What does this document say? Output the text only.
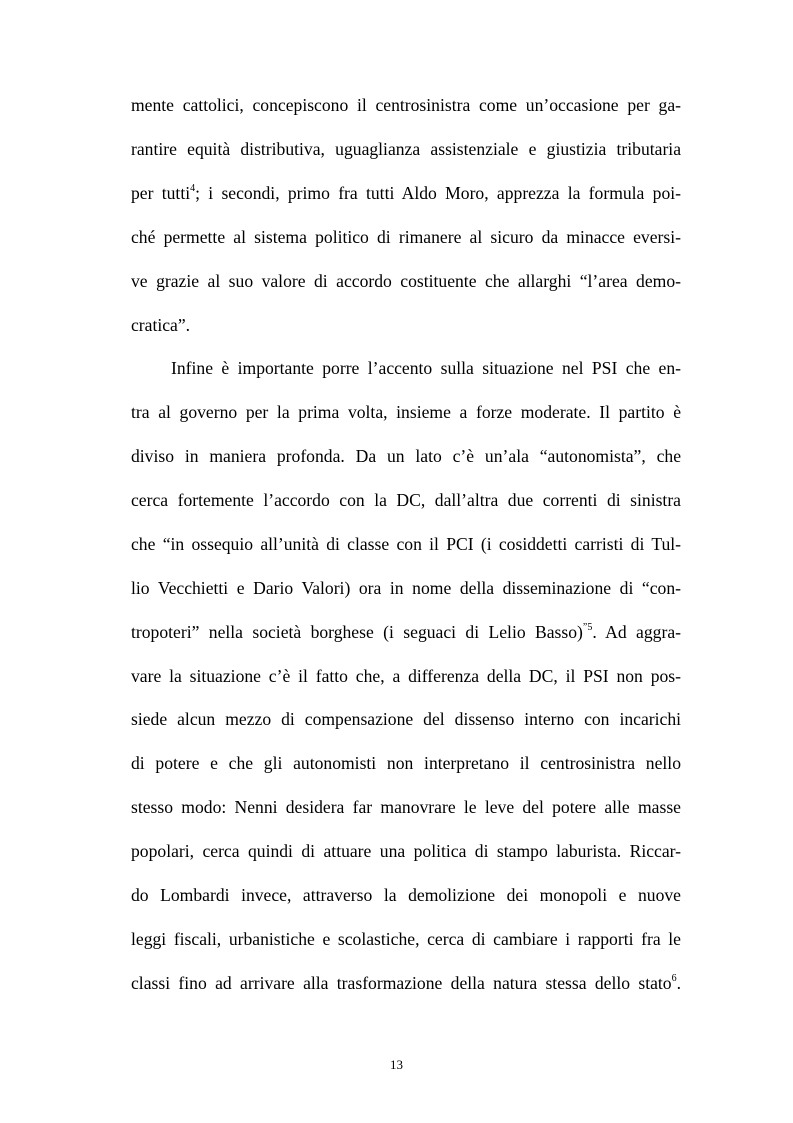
mente cattolici, concepiscono il centrosinistra come un’occasione per ga-

rantire equità distributiva, uguaglianza assistenziale e giustizia tributaria

per tutti$^4$; i secondi, primo fra tutti Aldo Moro, apprezza la formula poi-

ché permette al sistema politico di rimanere al sicuro da minacce eversi-

ve grazie al suo valore di accordo costituente che allarghi “l’area demo-

cratica”.

Infine è importante porre l’accento sulla situazione nel PSI che en-

tra al governo per la prima volta, insieme a forze moderate. Il partito è

diviso in maniera profonda. Da un lato c’è un’ala “autonomista”, che

cerca fortemente l’accordo con la DC, dall’altra due correnti di sinistra

che “in ossequio all’unità di classe con il PCI (i cosiddetti carristi di Tul-

lio Vecchietti e Dario Valori) ora in nome della disseminazione di “con-

tropoteri” nella società borghese (i seguaci di Lelio Basso)$^{”5}$. Ad aggra-

vare la situazione c’è il fatto che, a differenza della DC, il PSI non pos-

siede alcun mezzo di compensazione del dissenso interno con incarichi

di potere e che gli autonomisti non interpretano il centrosinistra nello

stesso modo: Nenni desidera far manovrare le leve del potere alle masse

popolari, cerca quindi di attuare una politica di stampo laburista. Riccar-

do Lombardi invece, attraverso la demolizione dei monopoli e nuove

leggi fiscali, urbanistiche e scolastiche, cerca di cambiare i rapporti fra le

classi fino ad arrivare alla trasformazione della natura stessa dello stato$^6$.

13
